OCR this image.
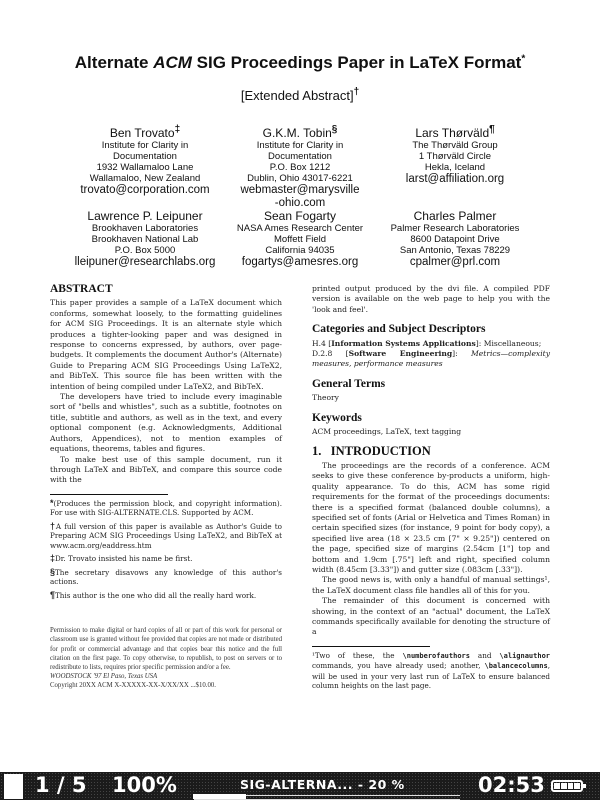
Alternate ACM SIG Proceedings Paper in LaTeX Format*
[Extended Abstract]†
Ben Trovato‡
Institute for Clarity in
Documentation
1932 Wallamaloo Lane
Wallamaloo, New Zealand
trovato@corporation.com
G.K.M. Tobin§
Institute for Clarity in
Documentation
P.O. Box 1212
Dublin, Ohio 43017-6221
webmaster@marysville-ohio.com
Lars Thørväld¶
The Thørväld Group
1 Thørväld Circle
Hekla, Iceland
larst@affiliation.org
Lawrence P. Leipuner
Brookhaven Laboratories
Brookhaven National Lab
P.O. Box 5000
lleipuner@researchlabs.org
Sean Fogarty
NASA Ames Research Center
Moffett Field
California 94035
fogartys@amesres.org
Charles Palmer
Palmer Research Laboratories
8600 Datapoint Drive
San Antonio, Texas 78229
cpalmer@prl.com
ABSTRACT

This paper provides a sample of a LaTeX document which conforms, somewhat loosely, to the formatting guidelines for ACM SIG Proceedings. It is an alternate style which produces a tighter-looking paper and was designed in response to concerns expressed, by authors, over page-budgets. It complements the document Author's (Alternate) Guide to Preparing ACM SIG Proceedings Using LaTeX2, and BibTeX. This source file has been written with the intention of being compiled under LaTeX2, and BibTeX.

The developers have tried to include every imaginable sort of "bells and whistles", such as a subtitle, footnotes on title, subtitle and authors, as well as in the text, and every optional component (e.g. Acknowledgments, Additional Authors, Appendices), not to mention examples of equations, theorems, tables and figures.

To make best use of this sample document, run it through LaTeX and BibTeX, and compare this source code with the

*(Produces the permission block, and copyright information). For use with SIG-ALTERNATE.CLS. Supported by ACM.
†A full version of this paper is available as Author's Guide to Preparing ACM SIG Proceedings Using LaTeX2, and BibTeX at www.acm.org/eaddress.htm
‡Dr. Trovato insisted his name be first.
§The secretary disavows any knowledge of this author's actions.
¶This author is the one who did all the really hard work.

Permission to make digital or hard copies of all or part of this work for personal or classroom use is granted without fee provided that copies are not made or distributed for profit or commercial advantage and that copies bear this notice and the full citation on the first page. To copy otherwise, to republish, to post on servers or to redistribute to lists, requires prior specific permission and/or a fee.

WOODSTOCK '97 El Paso, Texas USA

Copyright 20XX ACM X-XXXXX-XX-X/XX/XX ...$10.00.

printed output produced by the dvi file. A compiled PDF version is available on the web page to help you with the 'look and feel'.

Categories and Subject Descriptors

H.4 [Information Systems Applications]: Miscellaneous;

D.2.8 [Software Engineering]: Metrics—complexity measures, performance measures

General Terms

Theory

Keywords

ACM proceedings, LaTeX, text tagging

1.   INTRODUCTION

The proceedings are the records of a conference. ACM seeks to give these conference by-products a uniform, high-quality appearance. To do this, ACM has some rigid requirements for the format of the proceedings documents: there is a specified format (balanced double columns), a specified set of fonts (Arial or Helvetica and Times Roman) in certain specified sizes (for instance, 9 point for body copy), a specified live area (18 × 23.5 cm [7" × 9.25"]) centered on the page, specified size of margins (2.54cm [1"] top and bottom and 1.9cm [.75"] left and right, specified column width (8.45cm [3.33"]) and gutter size (.083cm [.33"]).

The good news is, with only a handful of manual settings¹, the LaTeX document class file handles all of this for you.

The remainder of this document is concerned with showing, in the context of an "actual" document, the LaTeX commands specifically available for denoting the structure of a

¹Two of these, the \numberofauthors and \alignauthor commands, you have already used; another, \balancecolumns, will be used in your very last run of LaTeX to ensure balanced column heights on the last page.
1 / 5 100%	SIG-ALTERNA... - 20 %	02:53
